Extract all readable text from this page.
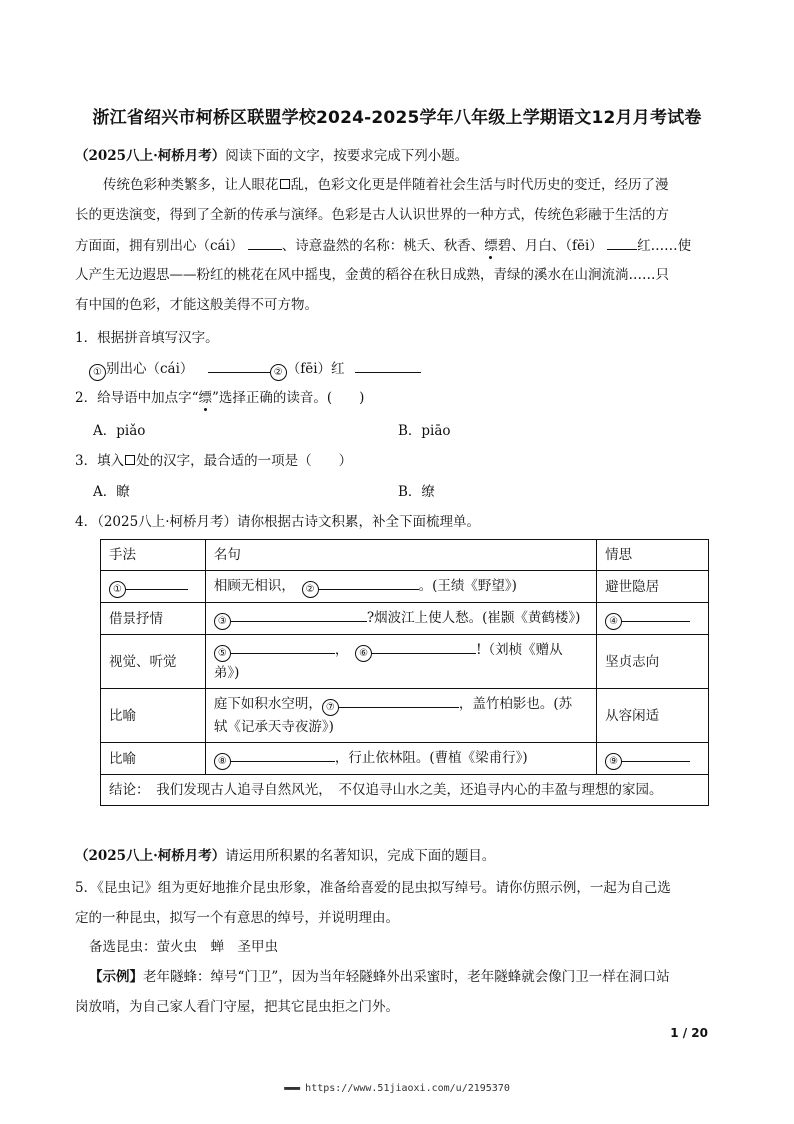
浙江省绍兴市柯桥区联盟学校2024-2025学年八年级上学期语文12月月考试卷
（2025八上·柯桥月考）阅读下面的文字，按要求完成下列小题。
传统色彩种类繁多，让人眼花 乱，色彩文化更是伴随着社会生活与时代历史的变迁，经历了漫
长的更迭演变，得到了全新的传承与演绎。色彩是古人认识世界的一种方式，传统色彩融于生活的方
方面面，拥有别出心（cái）	、诗意盎然的名称：桃夭、秋香、缥碧、月白、（fēi）	红……使
人产生无边遐思——粉红的桃花在风中摇曳，金黄的稻谷在秋日成熟，青绿的溪水在山涧流淌……只
有中国的色彩，才能这般美得不可方物。
1．根据拼音填写汉字。
① 别出心（cái）	② （fēi）红
2．给导语中加点字“缥”选择正确的读音。(　　)
A．piǎo	B．piāo
3．填入 处的汉字，最合适的一项是（　　）
A．瞭	B．缭
4．（2025八上·柯桥月考）请你根据古诗文积累，补全下面梳理单。
手法	名句	情思
①	相顾无相识，　 ② 。(王绩《野望》)	避世隐居
借景抒情	③ ?烟波江上使人愁。(崔颢《黄鹤楼》)	④
视觉、听觉	⑤ ，　 ⑥ !（刘桢《赠从
弟》)	坚贞志向
比喻	庭下如积水空明， ⑦ ，盖竹柏影也。(苏
轼《记承天寺夜游》)	从容闲适
比喻	⑧ ，行止依林阻。(曹植《梁甫行》)	⑨
结论：　我们发现古人追寻自然风光，　不仅追寻山水之美，还追寻内心的丰盈与理想的家园。		
（2025八上·柯桥月考）请运用所积累的名著知识，完成下面的题目。
5．《昆虫记》组为更好地推介昆虫形象，准备给喜爱的昆虫拟写绰号。请你仿照示例，一起为自己选
定的一种昆虫，拟写一个有意思的绰号，并说明理由。
备选昆虫：萤火虫　蝉　圣甲虫
【示例】老年隧蜂：绰号“门卫”，因为当年轻隧蜂外出采蜜时，老年隧蜂就会像门卫一样在洞口站
岗放哨，为自己家人看门守屋，把其它昆虫拒之门外。
1 / 20
▬▬▬ https://www.51jiaoxi.com/u/2195370
